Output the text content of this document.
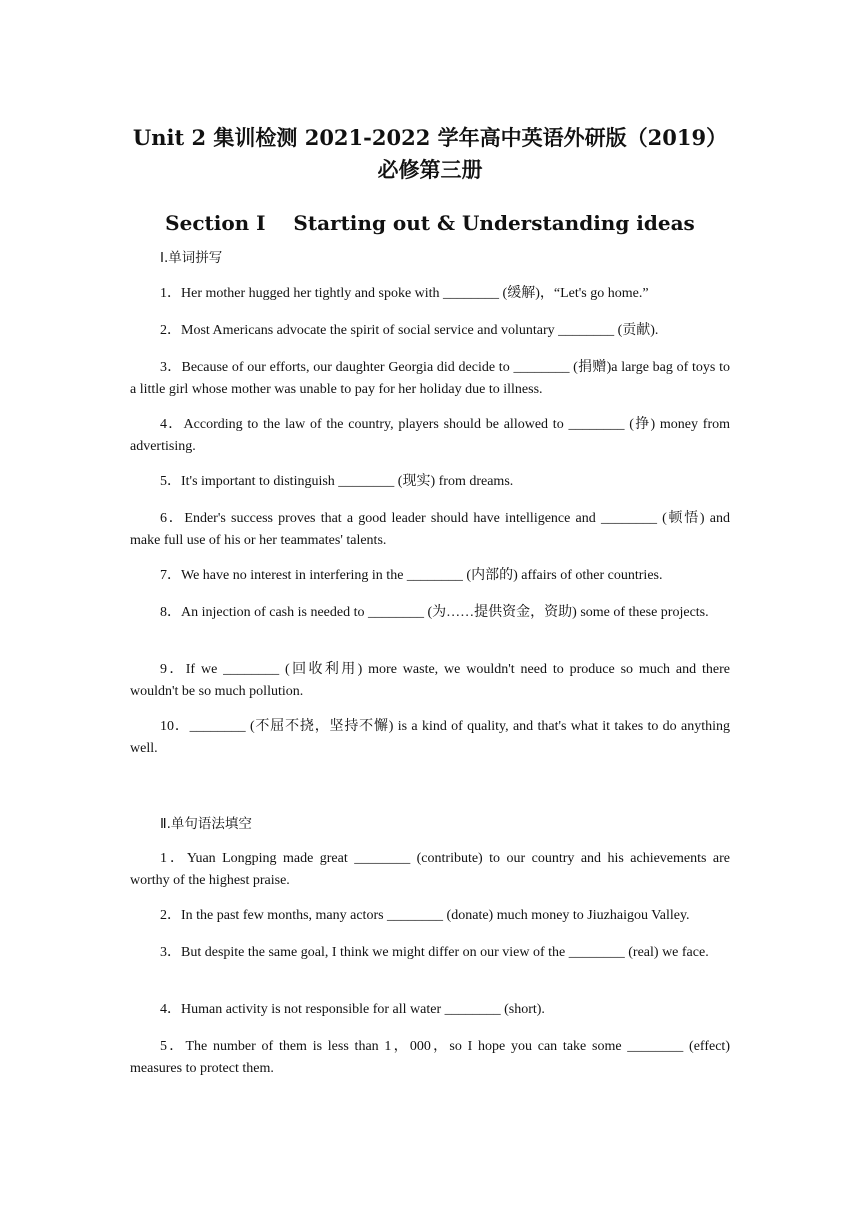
Unit 2 集训检测 2021-2022 学年高中英语外研版（2019）
必修第三册
Section Ⅰ    Starting out & Understanding ideas
Ⅰ.单词拼写
1．Her mother hugged her tightly and spoke with ________ (缓解)，“Let's go home.”
2．Most Americans advocate the spirit of social service and voluntary ________ (贡献).
3．Because of our efforts, our daughter Georgia did decide to ________ (捐赠)a large bag of toys to a little girl whose mother was unable to pay for her holiday due to illness.
4．According to the law of the country, players should be allowed to ________ (挣) money from advertising.
5．It's important to distinguish ________ (现实) from dreams.
6．Ender's success proves that a good leader should have intelligence and ________ (顿悟) and make full use of his or her teammates' talents.
7．We have no interest in interfering in the ________ (内部的) affairs of other countries.
8．An injection of cash is needed to ________ (为……提供资金，资助) some of these projects.
9．If we ________ (回收利用) more waste, we wouldn't need to produce so much and there wouldn't be so much pollution.
10．________ (不屈不挠，坚持不懈) is a kind of quality, and that's what it takes to do anything well.
Ⅱ.单句语法填空
1．Yuan Longping made great ________ (contribute) to our country and his achievements are worthy of the highest praise.
2．In the past few months, many actors ________ (donate) much money to Jiuzhaigou Valley.
3．But despite the same goal, I think we might differ on our view of the ________ (real) we face.
4．Human activity is not responsible for all water ________ (short).
5．The number of them is less than 1，000，so I hope you can take some ________ (effect) measures to protect them.
